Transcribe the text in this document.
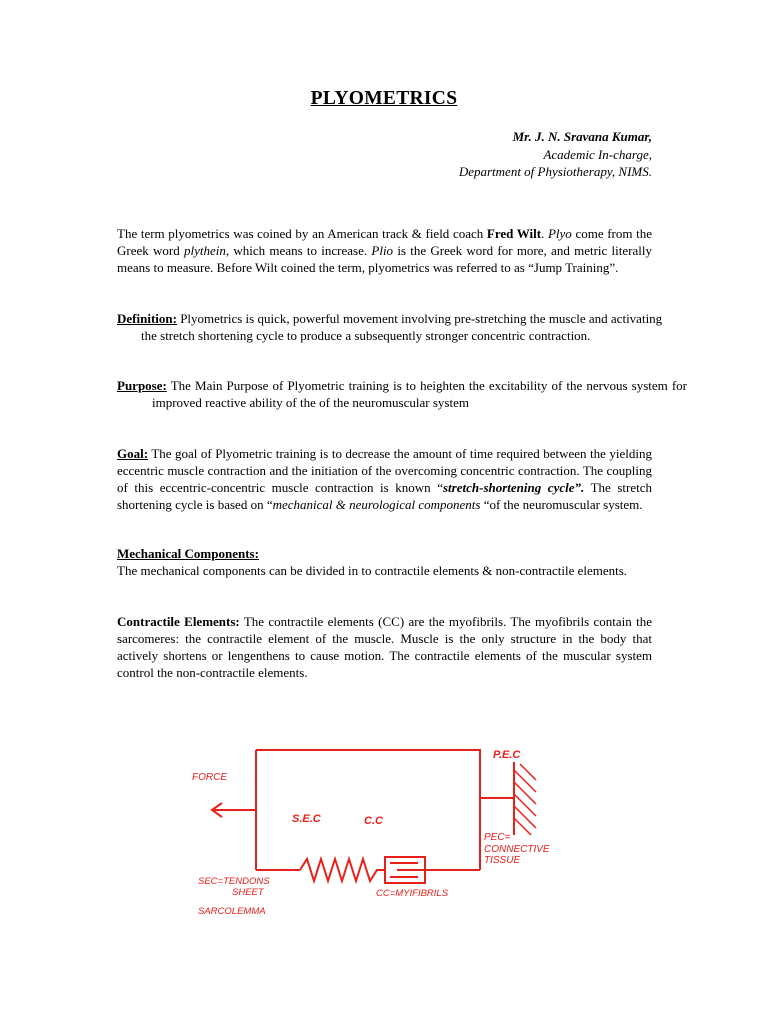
PLYOMETRICS
Mr. J. N. Sravana Kumar,
Academic In-charge,
Department of Physiotherapy, NIMS.
The term plyometrics was coined by an American track & field coach Fred Wilt. Plyo come from the Greek word plythein, which means to increase. Plio is the Greek word for more, and metric literally means to measure. Before Wilt coined the term, plyometrics was referred to as “Jump Training”.
Definition: Plyometrics is quick, powerful movement involving pre-stretching the muscle and activating the stretch shortening cycle to produce a subsequently stronger concentric contraction.
Purpose: The Main Purpose of Plyometric training is to heighten the excitability of the nervous system for improved reactive ability of the of the neuromuscular system
Goal: The goal of Plyometric training is to decrease the amount of time required between the yielding eccentric muscle contraction and the initiation of the overcoming concentric contraction. The coupling of this eccentric-concentric muscle contraction is known “stretch-shortening cycle”. The stretch shortening cycle is based on “mechanical & neurological components “of the neuromuscular system.
Mechanical Components:
The mechanical components can be divided in to contractile elements & non-contractile elements.
Contractile Elements: The contractile elements (CC) are the myofibrils. The myofibrils contain the sarcomeres: the contractile element of the muscle. Muscle is the only structure in the body that actively shortens or lengenthens to cause motion. The contractile elements of the muscular system control the non-contractile elements.
FORCE
P.E.C
S.E.C	C.C
PEC=
CONNECTIVE
TISSUE
SEC=TENDONS
SHEET
SARCOLEMMA
CC=MYIFIBRILS
